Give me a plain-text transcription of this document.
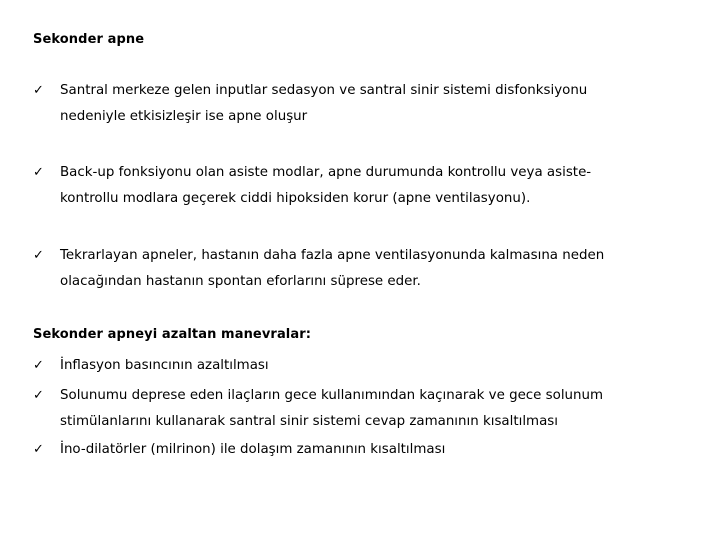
Sekonder apne
✓	Santral merkeze gelen inputlar sedasyon ve santral sinir sistemi disfonksiyonu
nedeniyle etkisizleşir ise apne oluşur
✓	Back-up fonksiyonu olan asiste modlar, apne durumunda kontrollu veya asiste-
kontrollu modlara geçerek ciddi hipoksiden korur (apne ventilasyonu).
✓	Tekrarlayan apneler, hastanın daha fazla apne ventilasyonunda kalmasına neden
olacağından hastanın spontan eforlarını süprese eder.
Sekonder apneyi azaltan manevralar:
✓	İnflasyon basıncının azaltılması
✓	Solunumu deprese eden ilaçların gece kullanımından kaçınarak ve gece solunum
stimülanlarını kullanarak santral sinir sistemi cevap zamanının kısaltılması
✓	İno-dilatörler (milrinon) ile dolaşım zamanının kısaltılması
